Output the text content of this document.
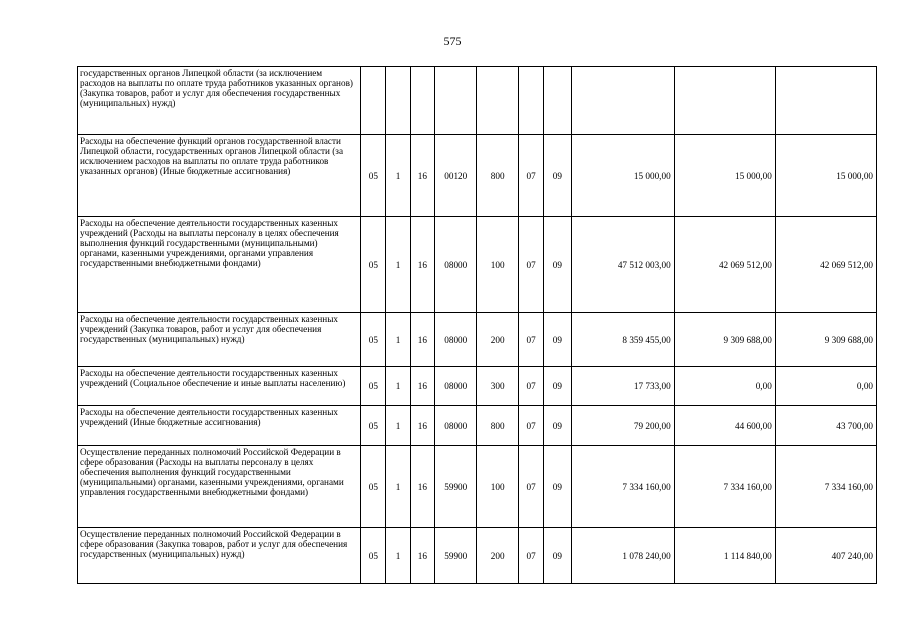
575
государственных органов Липецкой области (за исключением расходов на выплаты по оплате труда работников указанных органов) (Закупка товаров, работ и услуг для обеспечения государственных (муниципальных) нужд)										
Расходы на обеспечение функций органов государственной власти Липецкой области, государственных органов Липецкой области (за исключением расходов на выплаты по оплате труда работников указанных органов) (Иные бюджетные ассигнования)	05	1	16	00120	800	07	09	15 000,00	15 000,00	15 000,00
Расходы на обеспечение деятельности государственных казенных учреждений (Расходы на выплаты персоналу в целях обеспечения выполнения функций государственными (муниципальными) органами, казенными учреждениями, органами управления государственными внебюджетными фондами)	05	1	16	08000	100	07	09	47 512 003,00	42 069 512,00	42 069 512,00
Расходы на обеспечение деятельности государственных казенных учреждений (Закупка товаров, работ и услуг для обеспечения государственных (муниципальных) нужд)	05	1	16	08000	200	07	09	8 359 455,00	9 309 688,00	9 309 688,00
Расходы на обеспечение деятельности государственных казенных учреждений (Социальное обеспечение и иные выплаты населению)	05	1	16	08000	300	07	09	17 733,00	0,00	0,00
Расходы на обеспечение деятельности государственных казенных учреждений (Иные бюджетные ассигнования)	05	1	16	08000	800	07	09	79 200,00	44 600,00	43 700,00
Осуществление переданных полномочий Российской Федерации в сфере образования (Расходы на выплаты персоналу в целях обеспечения выполнения функций государственными (муниципальными) органами, казенными учреждениями, органами управления государственными внебюджетными фондами)	05	1	16	59900	100	07	09	7 334 160,00	7 334 160,00	7 334 160,00
Осуществление переданных полномочий Российской Федерации в сфере образования (Закупка товаров, работ и услуг для обеспечения государственных (муниципальных) нужд)	05	1	16	59900	200	07	09	1 078 240,00	1 114 840,00	407 240,00
